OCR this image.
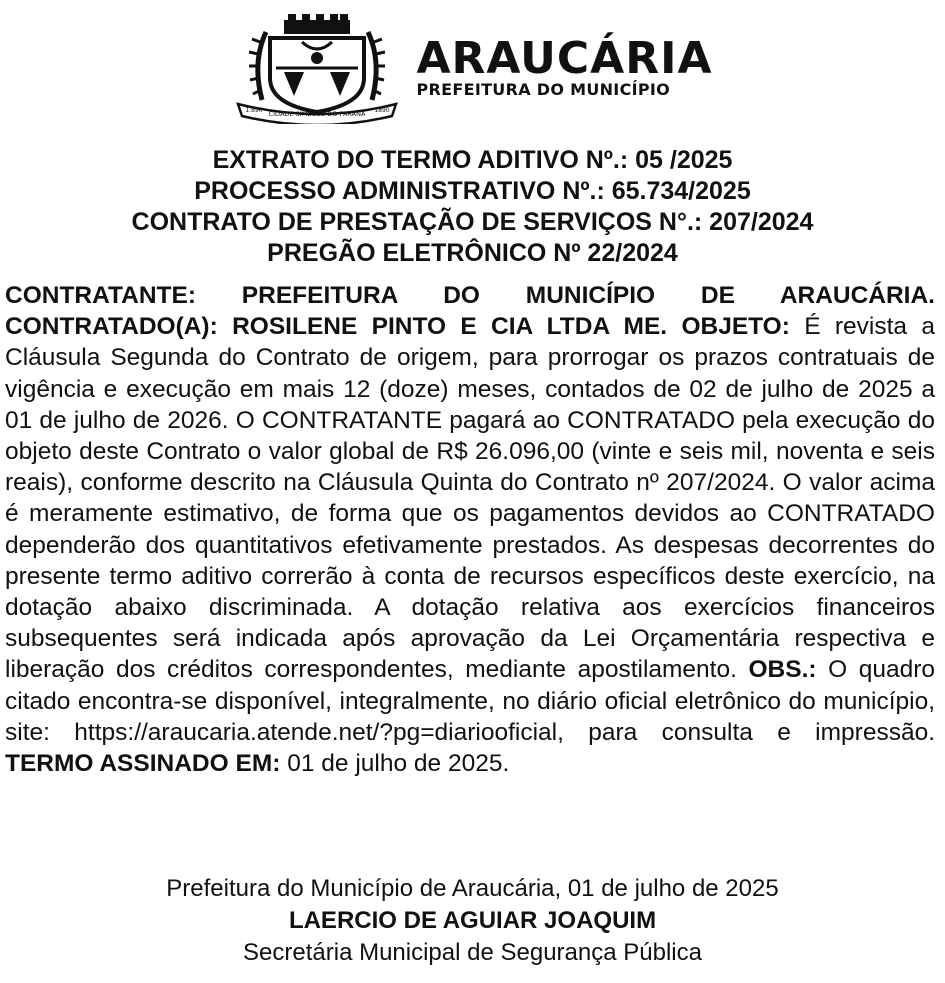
CIDADE SÍMBOLO DO PARANÁ
1.890	1890
ARAUCÁRIA
PREFEITURA DO MUNICÍPIO
EXTRATO DO TERMO ADITIVO Nº.: 05 /2025
PROCESSO ADMINISTRATIVO Nº.: 65.734/2025
CONTRATO DE PRESTAÇÃO DE SERVIÇOS N°.: 207/2024
PREGÃO ELETRÔNICO Nº 22/2024
CONTRATANTE: PREFEITURA DO MUNICÍPIO DE ARAUCÁRIA. CONTRATADO(A): ROSILENE PINTO E CIA LTDA ME. OBJETO: É revista a Cláusula Segunda do Contrato de origem, para prorrogar os prazos contratuais de vigência e execução em mais 12 (doze) meses, contados de 02 de julho de 2025 a 01 de julho de 2026. O CONTRATANTE pagará ao CONTRATADO pela execução do objeto deste Contrato o valor global de R$ 26.096,00 (vinte e seis mil, noventa e seis reais), conforme descrito na Cláusula Quinta do Contrato nº 207/2024. O valor acima é meramente estimativo, de forma que os pagamentos devidos ao CONTRATADO dependerão dos quantitativos efetivamente prestados. As despesas decorrentes do presente termo aditivo correrão à conta de recursos específicos deste exercício, na dotação abaixo discriminada. A dotação relativa aos exercícios financeiros subsequentes será indicada após aprovação da Lei Orçamentária respectiva e liberação dos créditos correspondentes, mediante apostilamento. OBS.: O quadro citado encontra-se disponível, integralmente, no diário oficial eletrônico do município, site: https://araucaria.atende.net/?pg=diariooficial, para consulta e impressão. TERMO ASSINADO EM: 01 de julho de 2025.
Prefeitura do Município de Araucária, 01 de julho de 2025
LAERCIO DE AGUIAR JOAQUIM
Secretária Municipal de Segurança Pública
